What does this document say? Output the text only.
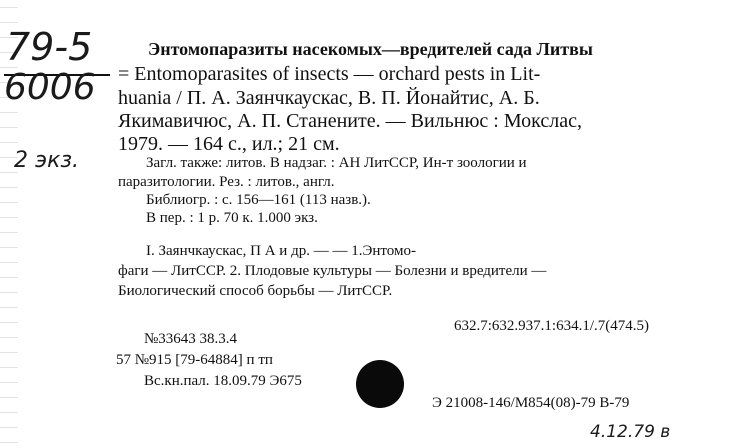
79-5
6006
2 экз.
Энтомопаразиты насекомых—вредителей сада Литвы
= Entomoparasites of insects — orchard pests in Lit-
huania / П. А. Заянчкаускас, В. П. Йонайтис, А. Б.
Якимавичюс, А. П. Станените. — Вильнюс : Мокслас,
1979. — 164 с., ил.; 21 см.
Загл. также: литов. В надзаг. : АН ЛитССР, Ин-т зоологии и
паразитологии. Рез. : литов., англ.
Библиогр. : с. 156—161 (113 назв.).
В пер. : 1 р. 70 к. 1.000 экз.
I. Заянчкаускас, П А и др. — — 1.Энтомо-
фаги — ЛитССР. 2. Плодовые культуры — Болезни и вредители —
Биологический способ борьбы — ЛитССР.
632.7:632.937.1:634.1/.7(474.5)
№33643 38.3.4
57 №915 [79-64884] п тп
Вс.кн.пал. 18.09.79 Э675
Э 21008-146/М854(08)-79 В-79
4.12.79 в
